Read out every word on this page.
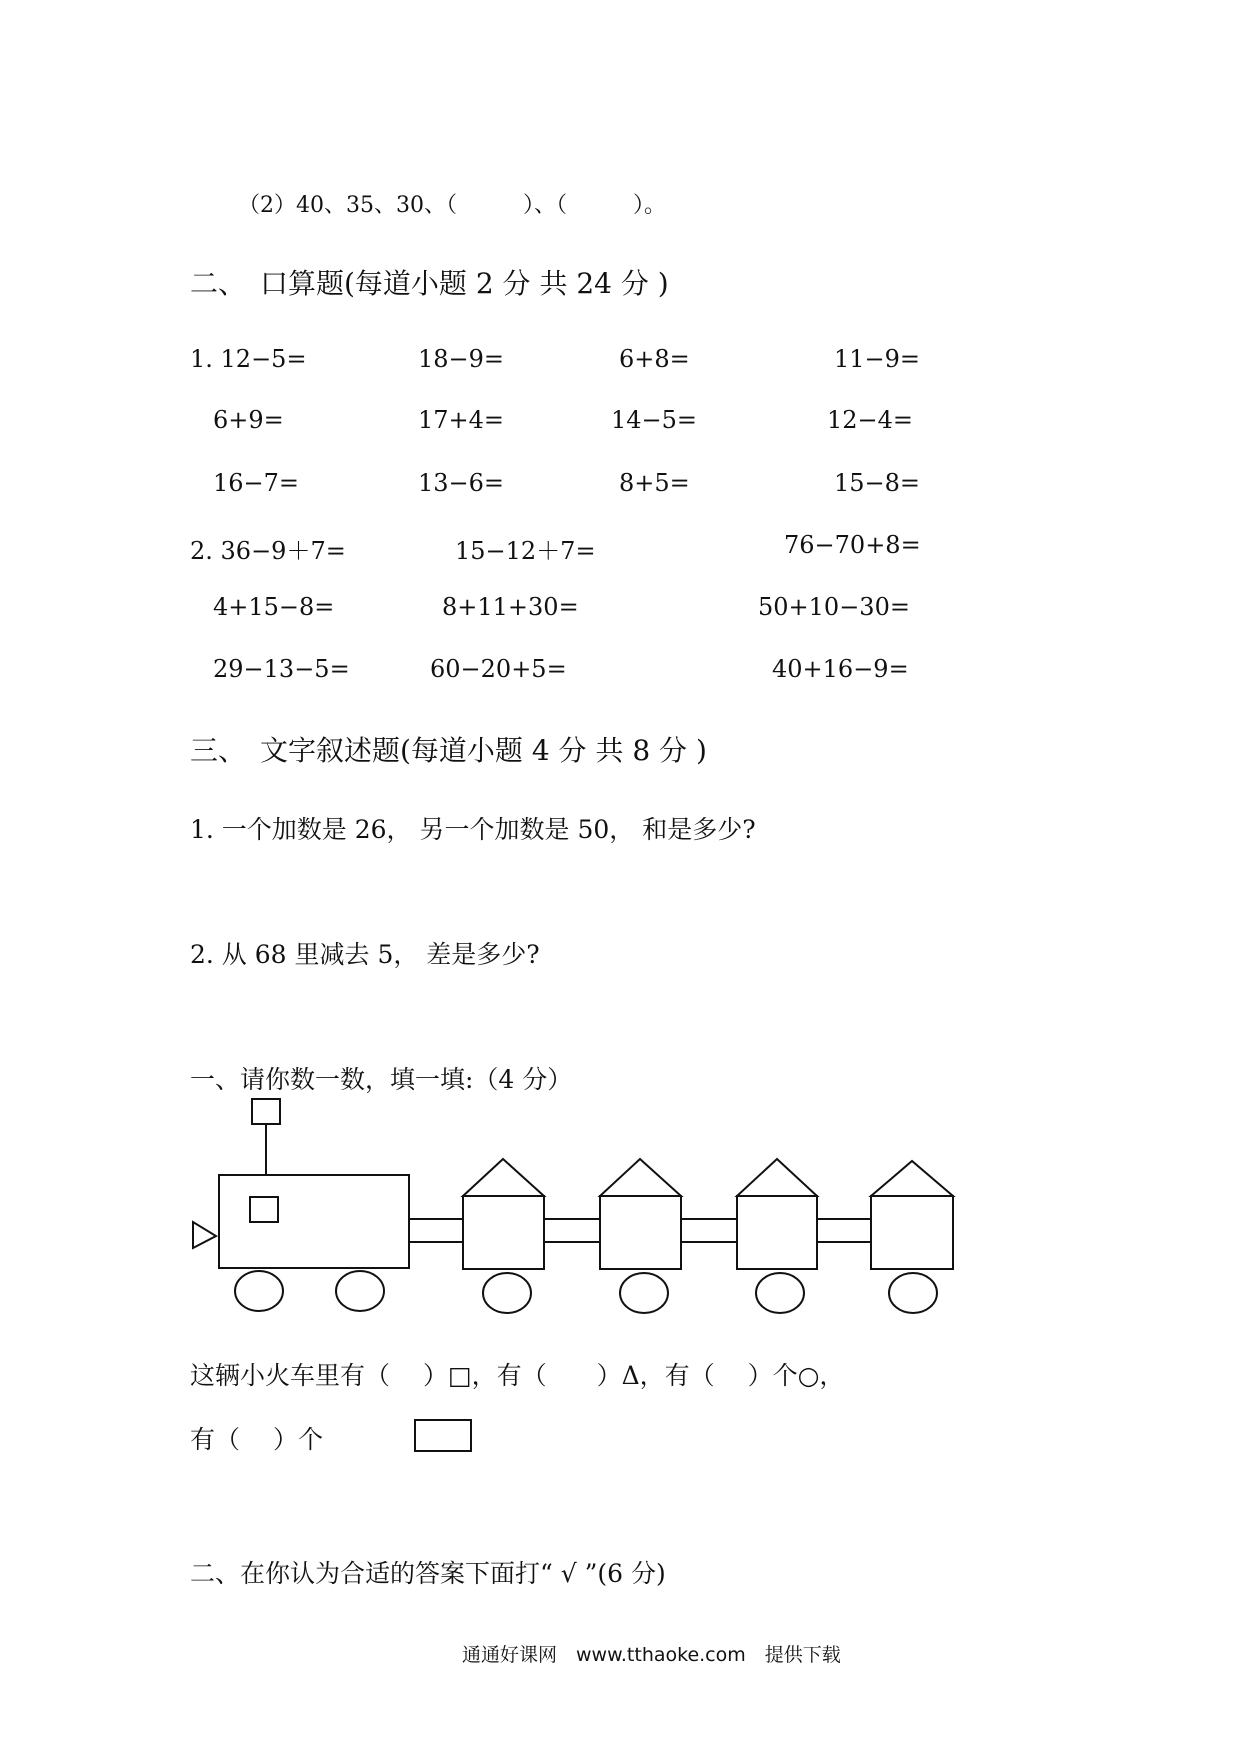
（2）40、35、30、（　　　）、（　　　）。
二、　口算题(每道小题 2 分 共 24 分 )
1. 12−5=	18−9=	6+8=	11−9=
6+9=	17+4=	14−5=	12−4=
16−7=	13−6=	8+5=	15−8=
2. 36−9＋7=	15−12＋7=	76−70+8=
4+15−8=	8+11+30=	50+10−30=
29−13−5=	60−20+5=	40+16−9=
三、　文字叙述题(每道小题 4 分 共 8 分 )
1. 一个加数是 26， 另一个加数是 50， 和是多少?
2. 从 68 里减去 5， 差是多少?
一、请你数一数，填一填:（4 分）
这辆小火车里有（　 ）□，有（　　）Δ，有（　 ）个○，
有（　 ）个
二、在你认为合适的答案下面打“ √ ”(6 分)
通通好课网　www.tthaoke.com　提供下载
